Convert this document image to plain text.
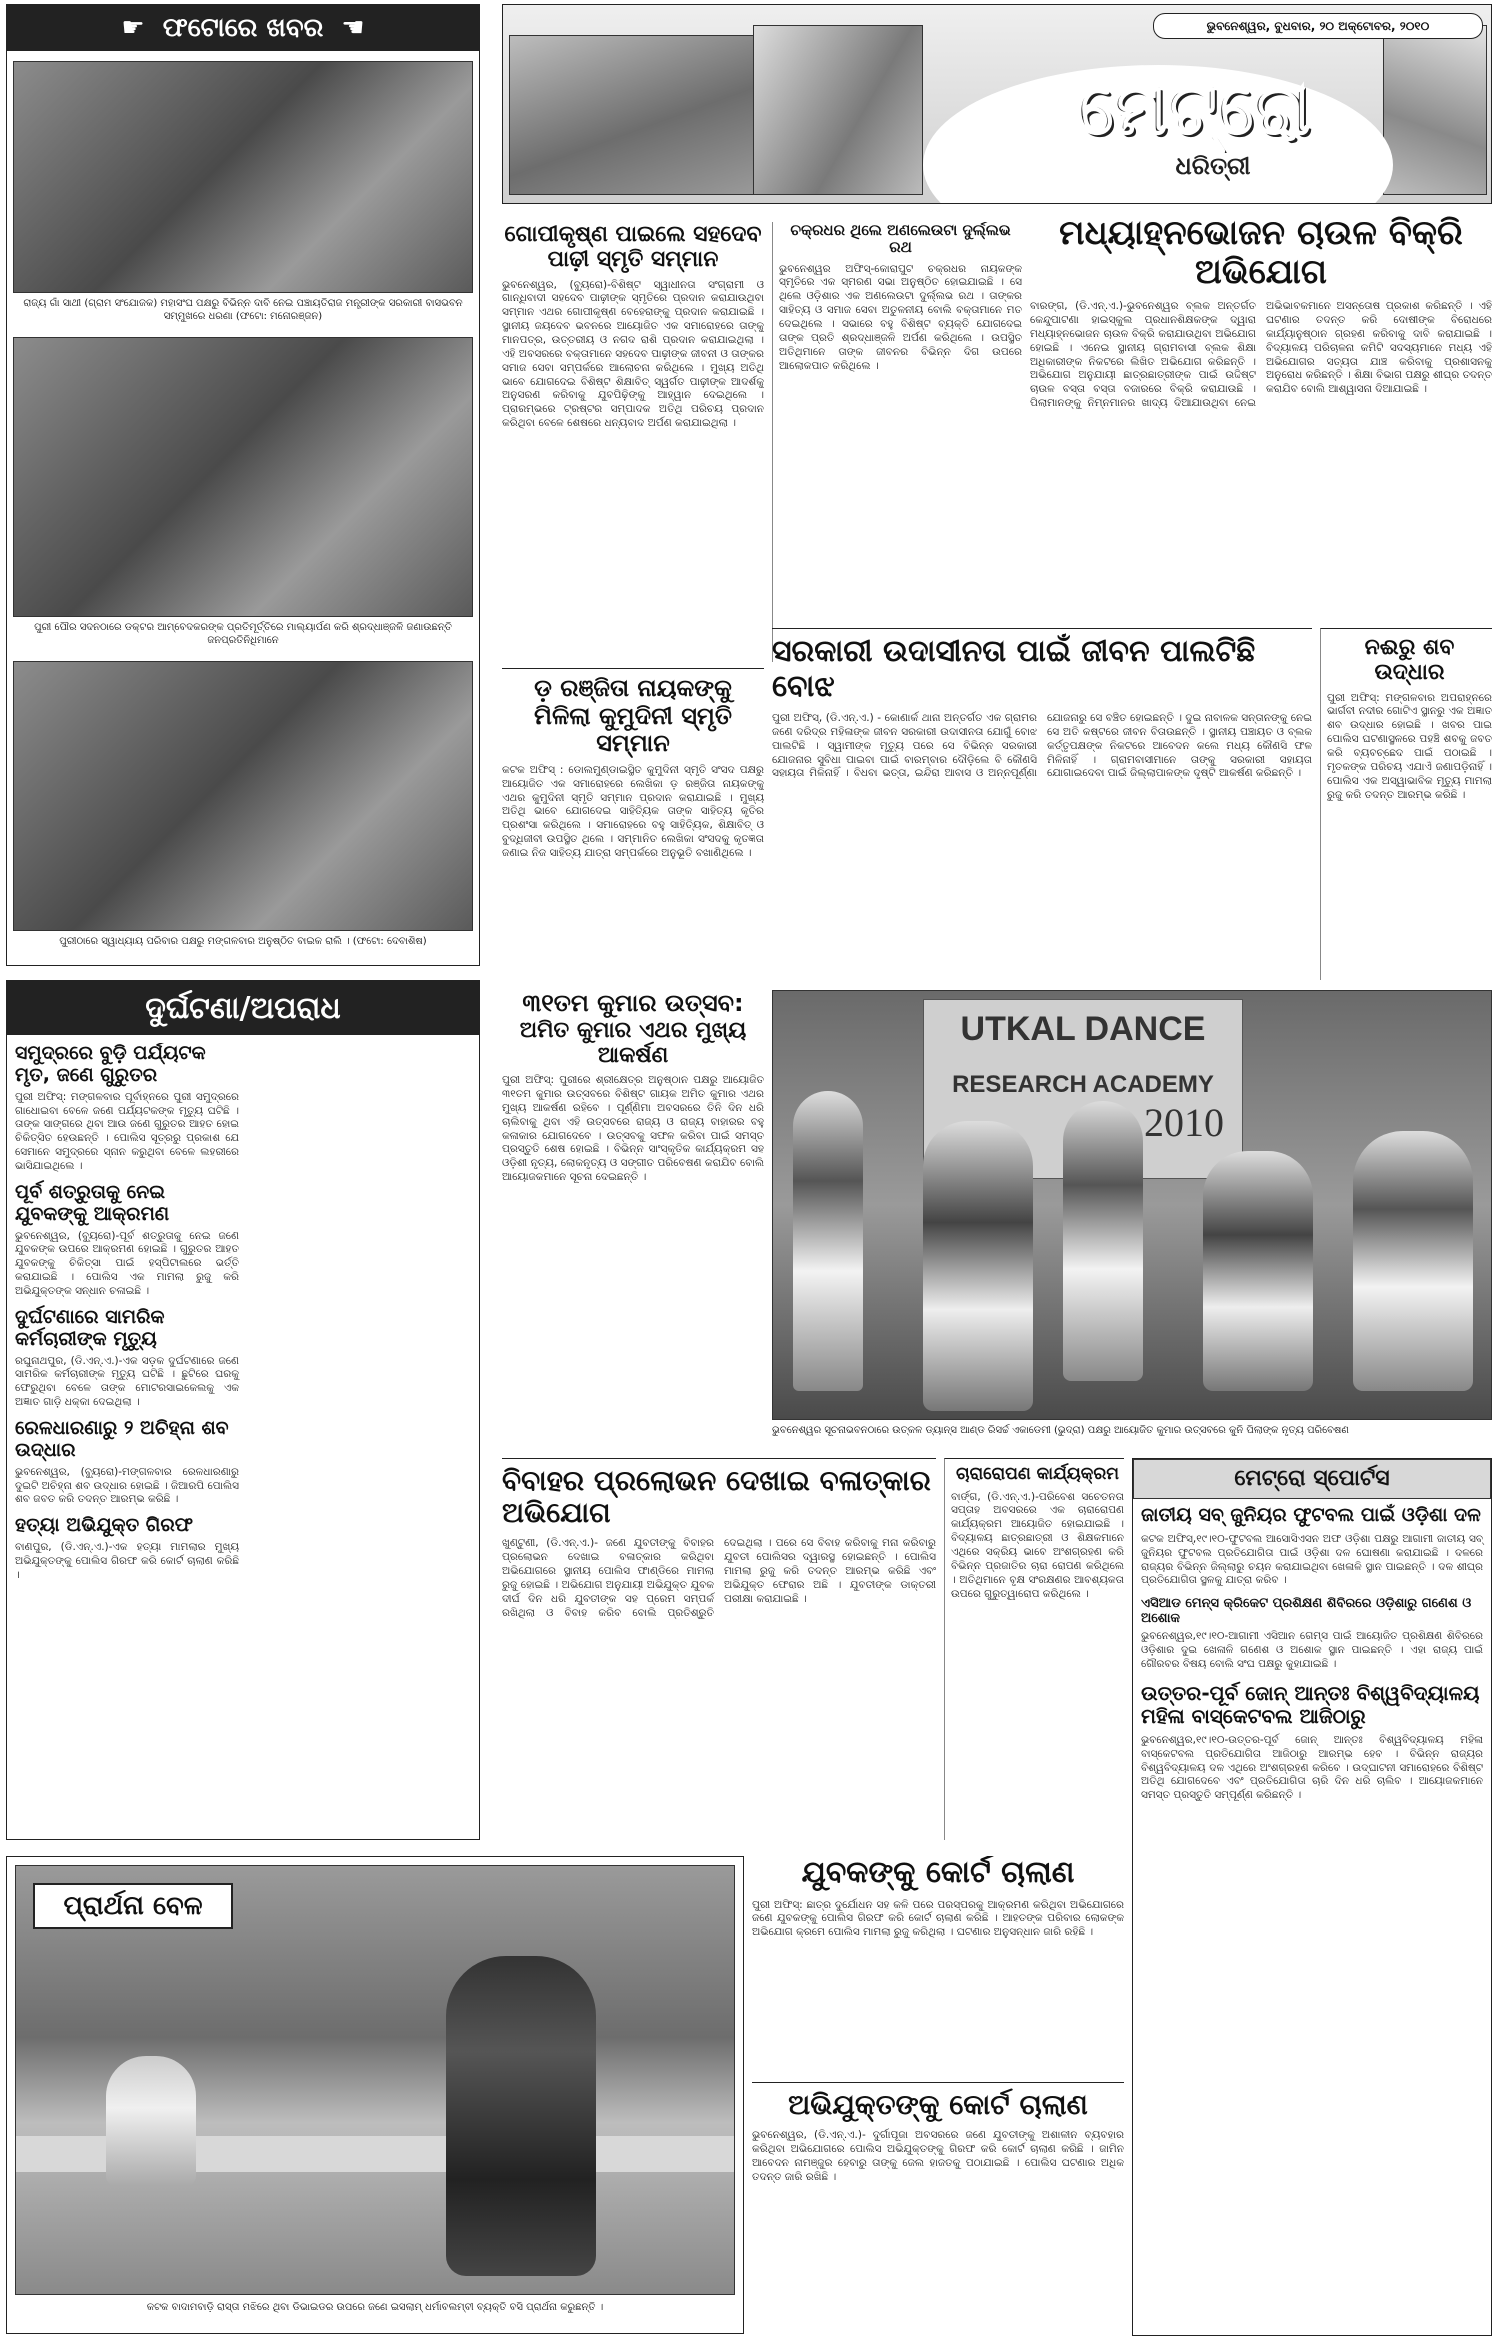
☛ ଫଟୋରେ ଖବର ☚
ରାଜ୍ୟ ଗାଁ ସାଥୀ (ଗ୍ରାମ ସଂଯୋଜକ) ମହାସଂଘ ପକ୍ଷରୁ ବିଭିନ୍ନ ଦାବି ନେଇ ପଞ୍ଚାୟତିରାଜ ମନ୍ତ୍ରୀଙ୍କ ସରକାରୀ ବାସଭବନ ସମ୍ମୁଖରେ ଧରଣା (ଫଟୋ: ମନୋରଞ୍ଜନ)
ପୁରୀ ପୌର ସଦନଠାରେ ଡକ୍ଟର ଆମ୍ବେଦକରଙ୍କ ପ୍ରତିମୂର୍ତ୍ତିରେ ମାଲ୍ୟାର୍ପଣ କରି ଶ୍ରଦ୍ଧାଞ୍ଜଳି ଜଣାଉଛନ୍ତି ଜନପ୍ରତିନିଧିମାନେ
ପୁରୀଠାରେ ସ୍ୱାଧ୍ୟାୟ ପରିବାର ପକ୍ଷରୁ ମଙ୍ଗଳବାର ଅନୁଷ୍ଠିତ ବାଇକ ରାଲି । (ଫଟୋ: ଦେବାଶିଷ)
ଭୁବନେଶ୍ୱର, ବୁଧବାର, ୨୦ ଅକ୍ଟୋବର, ୨୦୧୦
ମେଟ୍ରୋ
ଧରିତ୍ରୀ
ଗୋପୀକୃଷ୍ଣ ପାଇଲେ ସହଦେବ ପାଢ଼ୀ ସ୍ମୃତି ସମ୍ମାନ
ଭୁବନେଶ୍ୱର, (ବ୍ୟୁରୋ)-ବିଶିଷ୍ଟ ସ୍ୱାଧୀନତା ସଂଗ୍ରାମୀ ଓ ଗାନ୍ଧିବାଦୀ ସହଦେବ ପାଢ଼ୀଙ୍କ ସ୍ମୃତିରେ ପ୍ରଦାନ କରାଯାଉଥିବା ସମ୍ମାନ ଏଥର ଗୋପୀକୃଷ୍ଣ ବେହେରାଙ୍କୁ ପ୍ରଦାନ କରାଯାଇଛି । ସ୍ଥାନୀୟ ଜୟଦେବ ଭବନରେ ଆୟୋଜିତ ଏକ ସମାରୋହରେ ତାଙ୍କୁ ମାନପତ୍ର, ଉତ୍ତରୀୟ ଓ ନଗଦ ରାଶି ପ୍ରଦାନ କରାଯାଇଥିଲା । ଏହି ଅବସରରେ ବକ୍ତାମାନେ ସହଦେବ ପାଢ଼ୀଙ୍କ ଜୀବନୀ ଓ ତାଙ୍କର ସମାଜ ସେବା ସମ୍ପର୍କରେ ଆଲୋଚନା କରିଥିଲେ । ମୁଖ୍ୟ ଅତିଥି ଭାବେ ଯୋଗଦେଇ ବିଶିଷ୍ଟ ଶିକ୍ଷାବିତ୍ ସ୍ୱର୍ଗତ ପାଢ଼ୀଙ୍କ ଆଦର୍ଶକୁ ଅନୁସରଣ କରିବାକୁ ଯୁବପିଢ଼ିଙ୍କୁ ଆହ୍ୱାନ ଦେଇଥିଲେ । ପ୍ରାରମ୍ଭରେ ଟ୍ରଷ୍ଟର ସମ୍ପାଦକ ଅତିଥି ପରିଚୟ ପ୍ରଦାନ କରିଥିବା ବେଳେ ଶେଷରେ ଧନ୍ୟବାଦ ଅର୍ପଣ କରାଯାଇଥିଲା ।
ଚକ୍ରଧର ଥିଲେ ଅଣଲେଉଟା ଦୁର୍ଲ୍ଲଭ ରଥ
ଭୁବନେଶ୍ୱର ଅଫିସ୍-କୋରାପୁଟ ଚକ୍ରଧର ନାୟକଙ୍କ ସ୍ମୃତିରେ ଏକ ସ୍ମରଣ ସଭା ଅନୁଷ୍ଠିତ ହୋଇଯାଇଛି । ସେ ଥିଲେ ଓଡ଼ିଶାର ଏକ ଅଣଲେଉଟା ଦୁର୍ଲ୍ଲଭ ରଥ । ତାଙ୍କର ସାହିତ୍ୟ ଓ ସମାଜ ସେବା ଅତୁଳନୀୟ ବୋଲି ବକ୍ତାମାନେ ମତ ଦେଇଥିଲେ । ସଭାରେ ବହୁ ବିଶିଷ୍ଟ ବ୍ୟକ୍ତି ଯୋଗଦେଇ ତାଙ୍କ ପ୍ରତି ଶ୍ରଦ୍ଧାଞ୍ଜଳି ଅର୍ପଣ କରିଥିଲେ । ଉପସ୍ଥିତ ଅତିଥିମାନେ ତାଙ୍କ ଜୀବନର ବିଭିନ୍ନ ଦିଗ ଉପରେ ଆଲୋକପାତ କରିଥିଲେ ।
ମଧ୍ୟାହ୍ନଭୋଜନ ଚାଉଳ ବିକ୍ରି ଅଭିଯୋଗ
ବାରଙ୍ଗ, (ଡି.ଏନ୍.ଏ.)-ଭୁବନେଶ୍ୱର ବ୍ଲକ ଅନ୍ତର୍ଗତ କେନ୍ଦୁପାଟଣା ହାଇସ୍କୁଲ ପ୍ରଧାନଶିକ୍ଷକଙ୍କ ଦ୍ୱାରା ମଧ୍ୟାହ୍ନଭୋଜନ ଚାଉଳ ବିକ୍ରି କରାଯାଉଥିବା ଅଭିଯୋଗ ହୋଇଛି । ଏନେଇ ସ୍ଥାନୀୟ ଗ୍ରାମବାସୀ ବ୍ଲକ ଶିକ୍ଷା ଅଧିକାରୀଙ୍କ ନିକଟରେ ଲିଖିତ ଅଭିଯୋଗ କରିଛନ୍ତି । ଅଭିଯୋଗ ଅନୁଯାୟୀ ଛାତ୍ରଛାତ୍ରୀଙ୍କ ପାଇଁ ଉଦ୍ଦିଷ୍ଟ ଚାଉଳ ବସ୍ତା ବସ୍ତା ବଜାରରେ ବିକ୍ରି କରାଯାଉଛି । ପିଲାମାନଙ୍କୁ ନିମ୍ନମାନର ଖାଦ୍ୟ ଦିଆଯାଉଥିବା ନେଇ ଅଭିଭାବକମାନେ ଅସନ୍ତୋଷ ପ୍ରକାଶ କରିଛନ୍ତି । ଏହି ଘଟଣାର ତଦନ୍ତ କରି ଦୋଷୀଙ୍କ ବିରୋଧରେ କାର୍ଯ୍ୟାନୁଷ୍ଠାନ ଗ୍ରହଣ କରିବାକୁ ଦାବି କରାଯାଇଛି । ବିଦ୍ୟାଳୟ ପରିଚାଳନା କମିଟି ସଦସ୍ୟମାନେ ମଧ୍ୟ ଏହି ଅଭିଯୋଗର ସତ୍ୟତା ଯାଞ୍ଚ କରିବାକୁ ପ୍ରଶାସନକୁ ଅନୁରୋଧ କରିଛନ୍ତି । ଶିକ୍ଷା ବିଭାଗ ପକ୍ଷରୁ ଶୀଘ୍ର ତଦନ୍ତ କରାଯିବ ବୋଲି ଆଶ୍ୱାସନା ଦିଆଯାଇଛି ।
ଡ଼ ରଞ୍ଜିତା ନାୟକଙ୍କୁ ମିଳିଲା କୁମୁଦିନୀ ସ୍ମୃତି ସମ୍ମାନ
କଟକ ଅଫିସ୍ : ଡୋଲମୁଣ୍ଡାଇସ୍ଥିତ କୁମୁଦିନୀ ସ୍ମୃତି ସଂସଦ ପକ୍ଷରୁ ଆୟୋଜିତ ଏକ ସମାରୋହରେ ଲେଖିକା ଡ଼ ରଞ୍ଜିତା ନାୟକଙ୍କୁ ଏଥର କୁମୁଦିନୀ ସ୍ମୃତି ସମ୍ମାନ ପ୍ରଦାନ କରାଯାଇଛି । ମୁଖ୍ୟ ଅତିଥି ଭାବେ ଯୋଗଦେଇ ସାହିତ୍ୟିକ ତାଙ୍କ ସାହିତ୍ୟ କୃତିର ପ୍ରଶଂସା କରିଥିଲେ । ସମାରୋହରେ ବହୁ ସାହିତ୍ୟିକ, ଶିକ୍ଷାବିତ୍ ଓ ବୁଦ୍ଧିଜୀବୀ ଉପସ୍ଥିତ ଥିଲେ । ସମ୍ମାନିତ ଲେଖିକା ସଂସଦକୁ କୃତଜ୍ଞତା ଜଣାଇ ନିଜ ସାହିତ୍ୟ ଯାତ୍ରା ସମ୍ପର୍କରେ ଅନୁଭୂତି ବଖାଣିଥିଲେ ।
ସରକାରୀ ଉଦାସୀନତା ପାଇଁ ଜୀବନ ପାଲଟିଛି ବୋଝ
ପୁରୀ ଅଫିସ୍, (ଡି.ଏନ୍.ଏ.) - କୋଣାର୍କ ଥାନା ଅନ୍ତର୍ଗତ ଏକ ଗ୍ରାମର ଜଣେ ଦରିଦ୍ର ମହିଳାଙ୍କ ଜୀବନ ସରକାରୀ ଉଦାସୀନତା ଯୋଗୁଁ ବୋଝ ପାଲଟିଛି । ସ୍ୱାମୀଙ୍କ ମୃତ୍ୟୁ ପରେ ସେ ବିଭିନ୍ନ ସରକାରୀ ଯୋଜନାର ସୁବିଧା ପାଇବା ପାଇଁ ବାରମ୍ବାର ଦୌଡ଼ିଲେ ବି କୌଣସି ସହାୟତା ମିଳିନାହିଁ । ବିଧବା ଭତ୍ତା, ଇନ୍ଦିରା ଆବାସ ଓ ଅନ୍ନପୂର୍ଣ୍ଣା ଯୋଜନାରୁ ସେ ବଞ୍ଚିତ ହୋଇଛନ୍ତି । ଦୁଇ ନାବାଳକ ସନ୍ତାନଙ୍କୁ ନେଇ ସେ ଅତି କଷ୍ଟରେ ଜୀବନ ବିତାଉଛନ୍ତି । ସ୍ଥାନୀୟ ପଞ୍ଚାୟତ ଓ ବ୍ଲକ କର୍ତ୍ତୃପକ୍ଷଙ୍କ ନିକଟରେ ଆବେଦନ କଲେ ମଧ୍ୟ କୌଣସି ଫଳ ମିଳିନାହିଁ । ଗ୍ରାମବାସୀମାନେ ତାଙ୍କୁ ସରକାରୀ ସହାୟତା ଯୋଗାଇଦେବା ପାଇଁ ଜିଲ୍ଲାପାଳଙ୍କ ଦୃଷ୍ଟି ଆକର୍ଷଣ କରିଛନ୍ତି ।
ନଈରୁ ଶବ ଉଦ୍ଧାର
ପୁରୀ ଅଫିସ୍: ମଙ୍ଗଳବାର ଅପରାହ୍ନରେ ଭାର୍ଗବୀ ନଦୀର ଗୋଟିଏ ସ୍ଥାନରୁ ଏକ ଅଜ୍ଞାତ ଶବ ଉଦ୍ଧାର ହୋଇଛି । ଖବର ପାଇ ପୋଲିସ ଘଟଣାସ୍ଥଳରେ ପହଞ୍ଚି ଶବକୁ ଜବତ କରି ବ୍ୟବଚ୍ଛେଦ ପାଇଁ ପଠାଇଛି । ମୃତକଙ୍କ ପରିଚୟ ଏଯାଏଁ ଜଣାପଡ଼ିନାହିଁ । ପୋଲିସ ଏକ ଅସ୍ୱାଭାବିକ ମୃତ୍ୟୁ ମାମଲା ରୁଜୁ କରି ତଦନ୍ତ ଆରମ୍ଭ କରିଛି ।
ଦୁର୍ଘଟଣା/ଅପରାଧ
ସମୁଦ୍ରରେ ବୁଡ଼ି ପର୍ଯ୍ୟଟକ ମୃତ, ଜଣେ ଗୁରୁତର
ପୁରୀ ଅଫିସ୍: ମଙ୍ଗଳବାର ପୂର୍ବାହ୍ନରେ ପୁରୀ ସମୁଦ୍ରରେ ଗାଧୋଇବା ବେଳେ ଜଣେ ପର୍ଯ୍ୟଟକଙ୍କ ମୃତ୍ୟୁ ଘଟିଛି । ତାଙ୍କ ସାଙ୍ଗରେ ଥିବା ଆଉ ଜଣେ ଗୁରୁତର ଆହତ ହୋଇ ଚିକିତ୍ସିତ ହେଉଛନ୍ତି । ପୋଲିସ ସୂତ୍ରରୁ ପ୍ରକାଶ ଯେ ସେମାନେ ସମୁଦ୍ରରେ ସ୍ନାନ କରୁଥିବା ବେଳେ ଲହରୀରେ ଭାସିଯାଇଥିଲେ ।
ପୂର୍ବ ଶତ୍ରୁତାକୁ ନେଇ ଯୁବକଙ୍କୁ ଆକ୍ରମଣ
ଭୁବନେଶ୍ୱର, (ବ୍ୟୁରୋ)-ପୂର୍ବ ଶତ୍ରୁତାକୁ ନେଇ ଜଣେ ଯୁବକଙ୍କ ଉପରେ ଆକ୍ରମଣ ହୋଇଛି । ଗୁରୁତର ଆହତ ଯୁବକଙ୍କୁ ଚିକିତ୍ସା ପାଇଁ ହସ୍ପିଟାଲରେ ଭର୍ତ୍ତି କରାଯାଇଛି । ପୋଲିସ ଏକ ମାମଲା ରୁଜୁ କରି ଅଭିଯୁକ୍ତଙ୍କ ସନ୍ଧାନ ଚଳାଇଛି ।
ଦୁର୍ଘଟଣାରେ ସାମରିକ କର୍ମଚାରୀଙ୍କ ମୃତ୍ୟୁ
ରଘୁନାଥପୁର, (ଡି.ଏନ୍.ଏ.)-ଏକ ସଡ଼କ ଦୁର୍ଘଟଣାରେ ଜଣେ ସାମରିକ କର୍ମଚାରୀଙ୍କ ମୃତ୍ୟୁ ଘଟିଛି । ଛୁଟିରେ ଘରକୁ ଫେରୁଥିବା ବେଳେ ତାଙ୍କ ମୋଟରସାଇକେଲକୁ ଏକ ଅଜ୍ଞାତ ଗାଡ଼ି ଧକ୍କା ଦେଇଥିଲା ।
ରେଳଧାରଣାରୁ ୨ ଅଚିହ୍ନା ଶବ ଉଦ୍ଧାର
ଭୁବନେଶ୍ୱର, (ବ୍ୟୁରୋ)-ମଙ୍ଗଳବାର ରେଳଧାରଣାରୁ ଦୁଇଟି ଅଚିହ୍ନା ଶବ ଉଦ୍ଧାର ହୋଇଛି । ଜିଆରପି ପୋଲିସ ଶବ ଜବତ କରି ତଦନ୍ତ ଆରମ୍ଭ କରିଛି ।
ହତ୍ୟା ଅଭିଯୁକ୍ତ ଗିରଫ
ବାଣପୁର, (ଡି.ଏନ୍.ଏ.)-ଏକ ହତ୍ୟା ମାମଲାର ମୁଖ୍ୟ ଅଭିଯୁକ୍ତଙ୍କୁ ପୋଲିସ ଗିରଫ କରି କୋର୍ଟ ଚାଲାଣ କରିଛି ।
୩୧ତମ କୁମାର ଉତ୍ସବ:
ଅମିତ କୁମାର ଏଥର ମୁଖ୍ୟ ଆକର୍ଷଣ
ପୁରୀ ଅଫିସ୍: ପୁରୀରେ ଶ୍ରୀକ୍ଷେତ୍ର ଅନୁଷ୍ଠାନ ପକ୍ଷରୁ ଆୟୋଜିତ ୩୧ତମ କୁମାର ଉତ୍ସବରେ ବିଶିଷ୍ଟ ଗାୟକ ଅମିତ କୁମାର ଏଥର ମୁଖ୍ୟ ଆକର୍ଷଣ ରହିବେ । ପୂର୍ଣ୍ଣିମା ଅବସରରେ ତିନି ଦିନ ଧରି ଚାଲିବାକୁ ଥିବା ଏହି ଉତ୍ସବରେ ରାଜ୍ୟ ଓ ରାଜ୍ୟ ବାହାରର ବହୁ କଳାକାର ଯୋଗଦେବେ । ଉତ୍ସବକୁ ସଫଳ କରିବା ପାଇଁ ସମସ୍ତ ପ୍ରସ୍ତୁତି ଶେଷ ହୋଇଛି । ବିଭିନ୍ନ ସାଂସ୍କୃତିକ କାର୍ଯ୍ୟକ୍ରମ ସହ ଓଡ଼ିଶୀ ନୃତ୍ୟ, ଲୋକନୃତ୍ୟ ଓ ସଙ୍ଗୀତ ପରିବେଷଣ କରାଯିବ ବୋଲି ଆୟୋଜକମାନେ ସୂଚନା ଦେଇଛନ୍ତି ।
UTKAL DANCE
RESEARCH ACADEMY
2010
ଭୁବନେଶ୍ୱର ସୂଚନାଭବନଠାରେ ଉତ୍କଳ ଡ୍ୟାନ୍ସ ଆଣ୍ଡ ରିସର୍ଚ୍ଚ ଏକାଡେମୀ (ଭୁଦ୍ରା) ପକ୍ଷରୁ ଆୟୋଜିତ କୁମାର ଉତ୍ସବରେ କୁନି ପିଲାଙ୍କ ନୃତ୍ୟ ପରିବେଷଣ
ବିବାହର ପ୍ରଲୋଭନ ଦେଖାଇ ବଳାତ୍କାର ଅଭିଯୋଗ
ଖୁଣ୍ଟୁଣୀ, (ଡି.ଏନ୍.ଏ.)- ଜଣେ ଯୁବତୀଙ୍କୁ ବିବାହର ପ୍ରଲୋଭନ ଦେଖାଇ ବଳାତ୍କାର କରିଥିବା ଅଭିଯୋଗରେ ସ୍ଥାନୀୟ ପୋଲିସ ଫାଣ୍ଡିରେ ମାମଲା ରୁଜୁ ହୋଇଛି । ଅଭିଯୋଗ ଅନୁଯାୟୀ ଅଭିଯୁକ୍ତ ଯୁବକ ଦୀର୍ଘ ଦିନ ଧରି ଯୁବତୀଙ୍କ ସହ ପ୍ରେମ ସମ୍ପର୍କ ରଖିଥିଲା ଓ ବିବାହ କରିବ ବୋଲି ପ୍ରତିଶ୍ରୁତି ଦେଇଥିଲା । ପରେ ସେ ବିବାହ କରିବାକୁ ମନା କରିବାରୁ ଯୁବତୀ ପୋଲିସର ଦ୍ୱାରସ୍ଥ ହୋଇଛନ୍ତି । ପୋଲିସ ମାମଲା ରୁଜୁ କରି ତଦନ୍ତ ଆରମ୍ଭ କରିଛି ଏବଂ ଅଭିଯୁକ୍ତ ଫେରାର ଅଛି । ଯୁବତୀଙ୍କ ଡାକ୍ତରୀ ପରୀକ୍ଷା କରାଯାଇଛି ।
ଚାରାରୋପଣ କାର୍ଯ୍ୟକ୍ରମ
ବାର୍ଙ୍ଗ, (ଡି.ଏନ୍.ଏ.)-ପରିବେଶ ସଚେତନତା ସପ୍ତାହ ଅବସରରେ ଏକ ଚାରାରୋପଣ କାର୍ଯ୍ୟକ୍ରମ ଆୟୋଜିତ ହୋଇଯାଇଛି । ବିଦ୍ୟାଳୟ ଛାତ୍ରଛାତ୍ରୀ ଓ ଶିକ୍ଷକମାନେ ଏଥିରେ ସକ୍ରିୟ ଭାବେ ଅଂଶଗ୍ରହଣ କରି ବିଭିନ୍ନ ପ୍ରଜାତିର ଚାରା ରୋପଣ କରିଥିଲେ । ଅତିଥିମାନେ ବୃକ୍ଷ ସଂରକ୍ଷଣର ଆବଶ୍ୟକତା ଉପରେ ଗୁରୁତ୍ୱାରୋପ କରିଥିଲେ ।
ମେଟ୍ରୋ ସ୍ପୋର୍ଟସ
ଜାତୀୟ ସବ୍ ଜୁନିୟର ଫୁଟବଲ ପାଇଁ ଓଡ଼ିଶା ଦଳ
କଟକ ଅଫିସ୍,୧୯।୧୦-ଫୁଟବଲ ଆସୋସିଏସନ ଅଫ ଓଡ଼ିଶା ପକ୍ଷରୁ ଆଗାମୀ ଜାତୀୟ ସବ୍ ଜୁନିୟର ଫୁଟବଲ ପ୍ରତିଯୋଗିତା ପାଇଁ ଓଡ଼ିଶା ଦଳ ଘୋଷଣା କରାଯାଇଛି । ଦଳରେ ରାଜ୍ୟର ବିଭିନ୍ନ ଜିଲ୍ଲାରୁ ଚୟନ କରାଯାଇଥିବା ଖେଳାଳି ସ୍ଥାନ ପାଇଛନ୍ତି । ଦଳ ଶୀଘ୍ର ପ୍ରତିଯୋଗିତା ସ୍ଥଳକୁ ଯାତ୍ରା କରିବ ।
ଏସିଆଡ ମେନ୍ସ କ୍ରିକେଟ ପ୍ରଶିକ୍ଷଣ ଶିବିରରେ ଓଡ଼ିଶାରୁ ଗଣେଶ ଓ ଅଶୋକ
ଭୁବନେଶ୍ୱର,୧୯।୧୦-ଆଗାମୀ ଏସିଆନ ଗେମ୍ସ ପାଇଁ ଆୟୋଜିତ ପ୍ରଶିକ୍ଷଣ ଶିବିରରେ ଓଡ଼ିଶାର ଦୁଇ ଖେଳାଳି ଗଣେଶ ଓ ଅଶୋକ ସ୍ଥାନ ପାଇଛନ୍ତି । ଏହା ରାଜ୍ୟ ପାଇଁ ଗୌରବର ବିଷୟ ବୋଲି ସଂଘ ପକ୍ଷରୁ କୁହାଯାଇଛି ।
ଉତ୍ତର-ପୂର୍ବ ଜୋନ୍ ଆନ୍ତଃ ବିଶ୍ୱବିଦ୍ୟାଳୟ ମହିଳା ବାସ୍କେଟବଲ ଆଜିଠାରୁ
ଭୁବନେଶ୍ୱର,୧୯।୧୦-ଉତ୍ତର-ପୂର୍ବ ଜୋନ୍ ଆନ୍ତଃ ବିଶ୍ୱବିଦ୍ୟାଳୟ ମହିଳା ବାସ୍କେଟବଲ ପ୍ରତିଯୋଗିତା ଆଜିଠାରୁ ଆରମ୍ଭ ହେବ । ବିଭିନ୍ନ ରାଜ୍ୟର ବିଶ୍ୱବିଦ୍ୟାଳୟ ଦଳ ଏଥିରେ ଅଂଶଗ୍ରହଣ କରିବେ । ଉଦ୍‌ଘାଟନୀ ସମାରୋହରେ ବିଶିଷ୍ଟ ଅତିଥି ଯୋଗଦେବେ ଏବଂ ପ୍ରତିଯୋଗିତା ଚାରି ଦିନ ଧରି ଚାଲିବ । ଆୟୋଜକମାନେ ସମସ୍ତ ପ୍ରସ୍ତୁତି ସମ୍ପୂର୍ଣ୍ଣ କରିଛନ୍ତି ।
ପ୍ରାର୍ଥନା ବେଳ
କଟକ ବାଦାମବାଡ଼ି ରାସ୍ତା ମଝିରେ ଥିବା ଡିଭାଇଡର ଉପରେ ଜଣେ ଇସଲାମ୍ ଧର୍ମାବଲମ୍ବୀ ବ୍ୟକ୍ତି ବସି ପ୍ରାର୍ଥନା କରୁଛନ୍ତି ।
ଯୁବକଙ୍କୁ କୋର୍ଟ ଚାଲାଣ
ପୁରୀ ଅଫିସ୍: ଛାତ୍ର ଦୁର୍ଯୋଧନ ସହ କଳି ପରେ ପରସ୍ପରକୁ ଆକ୍ରମଣ କରିଥିବା ଅଭିଯୋଗରେ ଜଣେ ଯୁବକଙ୍କୁ ପୋଲିସ ଗିରଫ କରି କୋର୍ଟ ଚାଲାଣ କରିଛି । ଆହତଙ୍କ ପରିବାର ଲୋକଙ୍କ ଅଭିଯୋଗ କ୍ରମେ ପୋଲିସ ମାମଲା ରୁଜୁ କରିଥିଲା । ଘଟଣାର ଅନୁସନ୍ଧାନ ଜାରି ରହିଛି ।
ଅଭିଯୁକ୍ତଙ୍କୁ କୋର୍ଟ ଚାଲାଣ
ଭୁବନେଶ୍ୱର, (ଡି.ଏନ୍.ଏ.)- ଦୁର୍ଗାପୂଜା ଅବସରରେ ଜଣେ ଯୁବତୀଙ୍କୁ ଅଶାଳୀନ ବ୍ୟବହାର କରିଥିବା ଅଭିଯୋଗରେ ପୋଲିସ ଅଭିଯୁକ୍ତଙ୍କୁ ଗିରଫ କରି କୋର୍ଟ ଚାଲାଣ କରିଛି । ଜାମିନ ଆବେଦନ ନାମଞ୍ଜୁର ହେବାରୁ ତାଙ୍କୁ ଜେଲ ହାଜତକୁ ପଠାଯାଇଛି । ପୋଲିସ ଘଟଣାର ଅଧିକ ତଦନ୍ତ ଜାରି ରଖିଛି ।
